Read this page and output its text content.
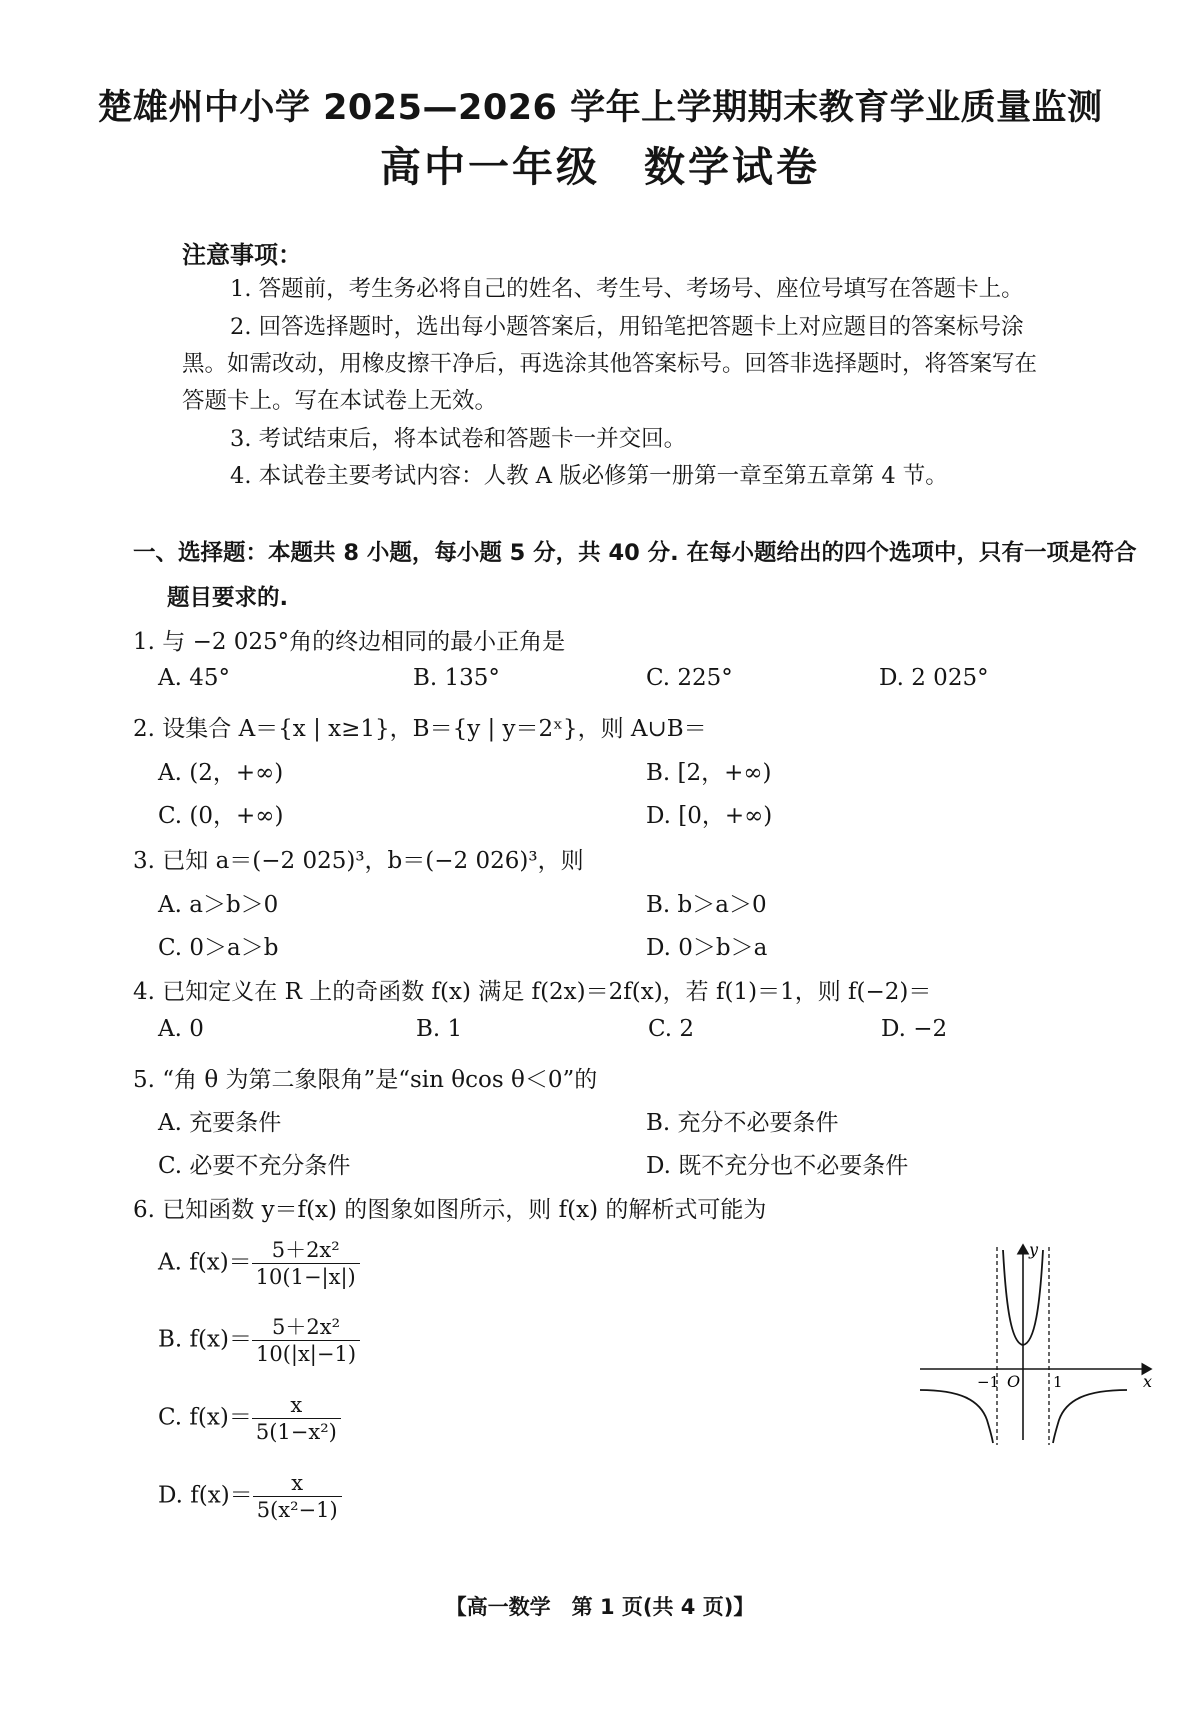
楚雄州中小学 2025—2026 学年上学期期末教育学业质量监测
高中一年级　数学试卷
注意事项：
1. 答题前，考生务必将自己的姓名、考生号、考场号、座位号填写在答题卡上。
2. 回答选择题时，选出每小题答案后，用铅笔把答题卡上对应题目的答案标号涂
黑。如需改动，用橡皮擦干净后，再选涂其他答案标号。回答非选择题时，将答案写在
答题卡上。写在本试卷上无效。
3. 考试结束后，将本试卷和答题卡一并交回。
4. 本试卷主要考试内容：人教 A 版必修第一册第一章至第五章第 4 节。
一、选择题：本题共 8 小题，每小题 5 分，共 40 分. 在每小题给出的四个选项中，只有一项是符合
题目要求的.
1. 与 −2 025°角的终边相同的最小正角是
A. 45°	B. 135°	C. 225°	D. 2 025°
2. 设集合 A＝{x | x≥1}，B＝{y | y＝2ˣ}，则 A∪B＝
A. (2，+∞)	B. [2，+∞)
C. (0，+∞)	D. [0，+∞)
3. 已知 a＝(−2 025)³，b＝(−2 026)³，则
A. a＞b＞0	B. b＞a＞0
C. 0＞a＞b	D. 0＞b＞a
4. 已知定义在 R 上的奇函数 f(x) 满足 f(2x)＝2f(x)，若 f(1)＝1，则 f(−2)＝
A. 0	B. 1	C. 2	D. −2
5. “角 θ 为第二象限角”是“sin θcos θ＜0”的
A. 充要条件	B. 充分不必要条件
C. 必要不充分条件	D. 既不充分也不必要条件
6. 已知函数 y＝f(x) 的图象如图所示，则 f(x) 的解析式可能为
A. $f(x)= \frac{\text{5＋2x²}}{10(1-|x|)}$
B. $f(x)= \frac{\text{5＋2x²}}{10(|x|-1)}$
C. $f(x)= \frac{x}{\text{5(1−x²)}}$
D. $f(x)= \frac{x}{\text{5(x²−1)}}$
y
x
O
−1	1
【高一数学　第 1 页(共 4 页)】
